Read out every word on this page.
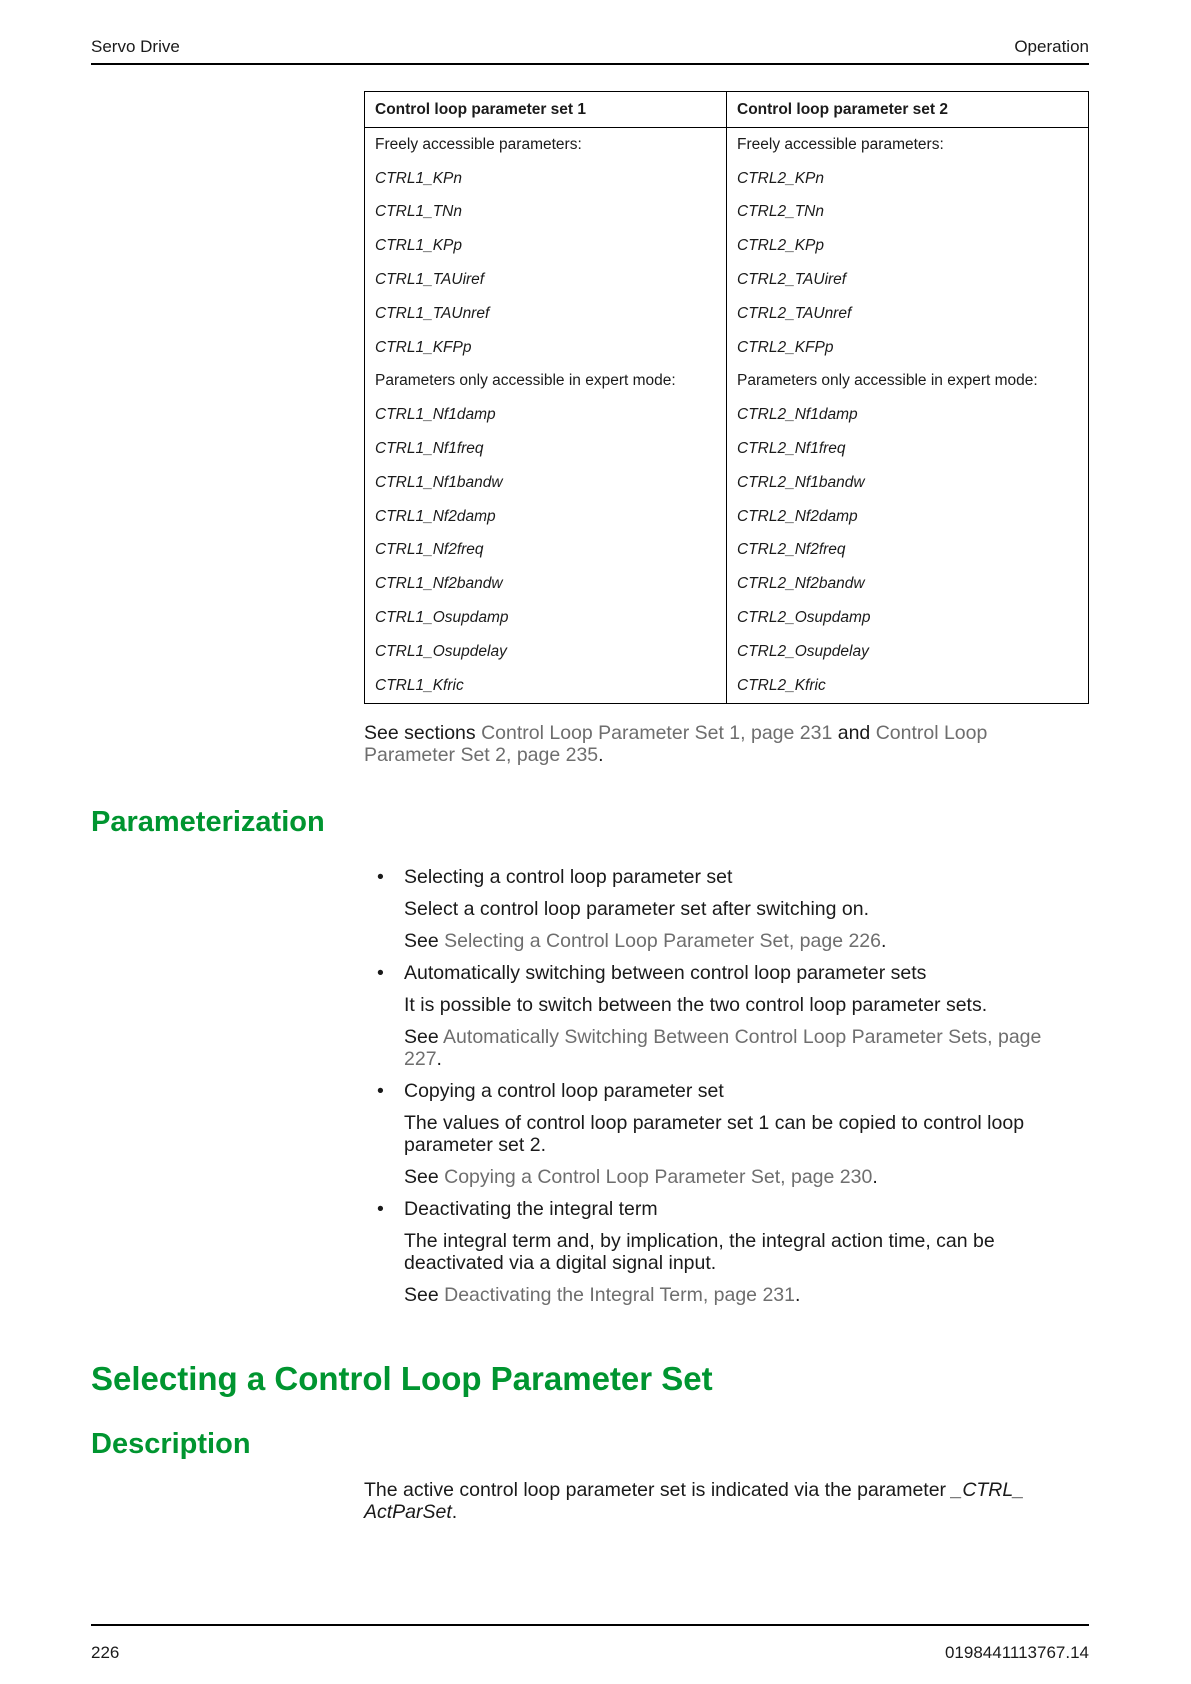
Servo Drive	Operation
Control loop parameter set 1	Control loop parameter set 2
Freely accessible parameters:	Freely accessible parameters:
CTRL1_KPn	CTRL2_KPn
CTRL1_TNn	CTRL2_TNn
CTRL1_KPp	CTRL2_KPp
CTRL1_TAUiref	CTRL2_TAUiref
CTRL1_TAUnref	CTRL2_TAUnref
CTRL1_KFPp	CTRL2_KFPp
Parameters only accessible in expert mode:	Parameters only accessible in expert mode:
CTRL1_Nf1damp	CTRL2_Nf1damp
CTRL1_Nf1freq	CTRL2_Nf1freq
CTRL1_Nf1bandw	CTRL2_Nf1bandw
CTRL1_Nf2damp	CTRL2_Nf2damp
CTRL1_Nf2freq	CTRL2_Nf2freq
CTRL1_Nf2bandw	CTRL2_Nf2bandw
CTRL1_Osupdamp	CTRL2_Osupdamp
CTRL1_Osupdelay	CTRL2_Osupdelay
CTRL1_Kfric	CTRL2_Kfric
See sections Control Loop Parameter Set 1, page 231 and Control Loop Parameter Set 2, page 235.
Parameterization
• Selecting a control loop parameter set

Select a control loop parameter set after switching on.

See Selecting a Control Loop Parameter Set, page 226.

• Automatically switching between control loop parameter sets

It is possible to switch between the two control loop parameter sets.

See Automatically Switching Between Control Loop Parameter Sets, page 227.

• Copying a control loop parameter set

The values of control loop parameter set 1 can be copied to control loop parameter set 2.

See Copying a Control Loop Parameter Set, page 230.

• Deactivating the integral term

The integral term and, by implication, the integral action time, can be deactivated via a digital signal input.

See Deactivating the Integral Term, page 231.

Selecting a Control Loop Parameter Set
Description
The active control loop parameter set is indicated via the parameter _CTRL_ ActParSet.
226	0198441113767.14
